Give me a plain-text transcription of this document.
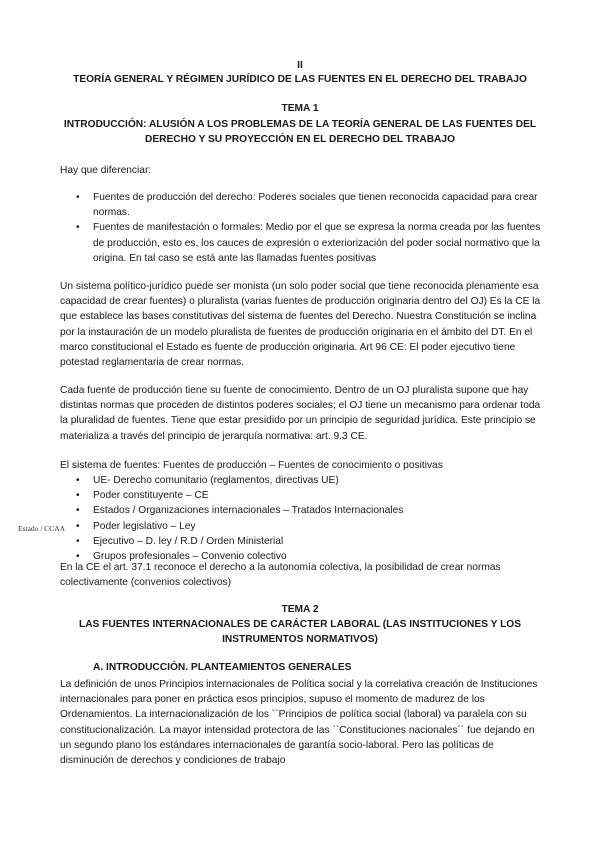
II
TEORÍA GENERAL Y RÉGIMEN JURÍDICO DE LAS FUENTES EN EL DERECHO DEL TRABAJO
TEMA 1
INTRODUCCIÓN: ALUSIÓN A LOS PROBLEMAS DE LA TEORÍA GENERAL DE LAS FUENTES DEL
DERECHO Y SU PROYECCIÓN EN EL DERECHO DEL TRABAJO
Hay que diferenciar:
• Fuentes de producción del derecho: Poderes sociales que tienen reconocida capacidad para crear normas.
• Fuentes de manifestación o formales: Medio por el que se expresa la norma creada por las fuentes de producción, esto es, los cauces de expresión o exteriorización del poder social normativo que la origina. En tal caso se está ante las llamadas fuentes positivas
Un sistema político-jurídico puede ser monista (un solo poder social que tiene reconocida plenamente esa capacidad de crear fuentes) o pluralista (varias fuentes de producción originaria dentro del OJ) Es la CE la que establece las bases constitutivas del sistema de fuentes del Derecho. Nuestra Constitución se inclina por la instauración de un modelo pluralista de fuentes de producción originaria en el ámbito del DT. En el marco constitucional el Estado es fuente de producción originaria. Art 96 CE: El poder ejecutivo tiene potestad reglamentaria de crear normas.
Cada fuente de producción tiene su fuente de conocimiento. Dentro de un OJ pluralista supone que hay distintas normas que proceden de distintos poderes sociales; el OJ tiene un mecanismo para ordenar toda la pluralidad de fuentes. Tiene que estar presidido por un principio de seguridad jurídica. Este principio se materializa a través del principio de jerarquía normativa: art. 9.3 CE.
El sistema de fuentes: Fuentes de producción – Fuentes de conocimiento o positivas
• UE- Derecho comunitario (reglamentos, directivas UE)
• Poder constituyente – CE
• Estados / Organizaciones internacionales – Tratados Internacionales
• Poder legislativo – Ley
• Ejecutivo – D. ley / R.D / Orden Ministerial
• Grupos profesionales – Convenio colectivo
Estado / CCAA
En la CE el art. 37.1 reconoce el derecho a la autonomía colectiva, la posibilidad de crear normas colectivamente (convenios colectivos)
TEMA 2
LAS FUENTES INTERNACIONALES DE CARÁCTER LABORAL (LAS INSTITUCIONES Y LOS
INSTRUMENTOS NORMATIVOS)
A. INTRODUCCIÓN. PLANTEAMIENTOS GENERALES
La definición de unos Principios internacionales de Política social y la correlativa creación de Instituciones internacionales para poner en práctica esos principios, supuso el momento de madurez de los Ordenamientos. La internacionalización de los ``Principios de política social (laboral) va paralela con su constitucionalización. La mayor intensidad protectora de las ``Constituciones nacionales´´ fue dejando en un segundo plano los estándares internacionales de garantía socio-laboral. Pero las políticas de disminución de derechos y condiciones de trabajo
